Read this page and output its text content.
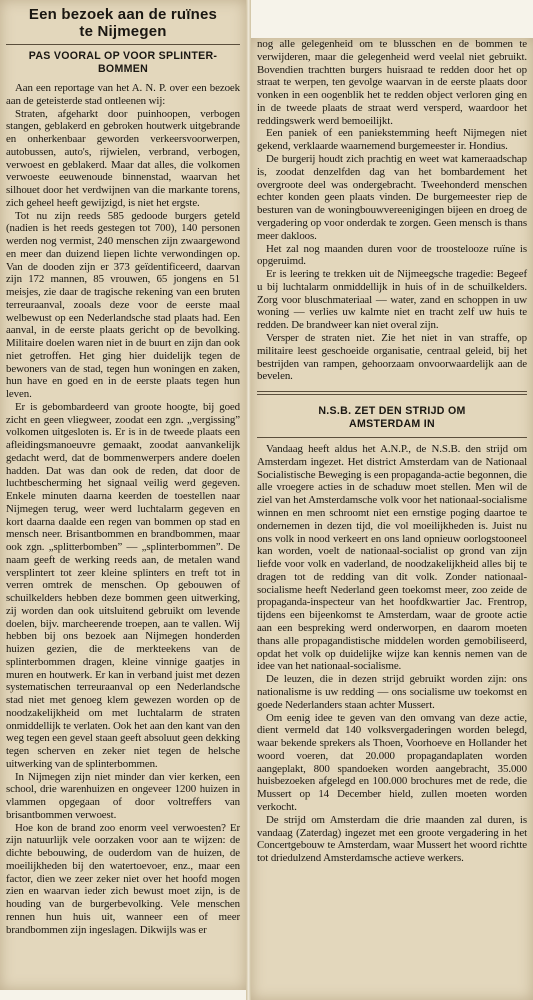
Een bezoek aan de ruïnes
te Nijmegen
PAS VOORAL OP VOOR SPLINTER-
BOMMEN

Aan een reportage van het A. N. P. over een bezoek aan de geteisterde stad ontleenen wij:

Straten, afgeharkt door puinhoopen, verbogen stangen, geblakerd en gebroken houtwerk uitgebrande en onherkenbaar geworden verkeersvoorwerpen, autobussen, auto's, rijwielen, verbrand, verbogen, verwoest en geblakerd. Maar dat alles, die volkomen verwoeste eeuwenoude binnenstad, waarvan het silhouet door het verdwijnen van die markante torens, zich geheel heeft gewijzigd, is niet het ergste.

Tot nu zijn reeds 585 gedoode burgers geteld (nadien is het reeds gestegen tot 700), 140 personen werden nog vermist, 240 menschen zijn zwaargewond en meer dan duizend liepen lichte verwondingen op. Van de dooden zijn er 373 geïdentificeerd, daarvan zijn 172 mannen, 85 vrouwen, 65 jongens en 51 meisjes, zie daar de tragische rekening van een bruten terreuraanval, zooals deze voor de eerste maal welbewust op een Nederlandsche stad plaats had. Een aanval, in de eerste plaats gericht op de bevolking. Militaire doelen waren niet in de buurt en zijn dan ook niet getroffen. Het ging hier duidelijk tegen de bewoners van de stad, tegen hun woningen en zaken, hun have en goed en in de eerste plaats tegen hun leven.

Er is gebombardeerd van groote hoogte, bij goed zicht en geen vliegweer, zoodat een zgn. „vergissing” volkomen uitgesloten is. Er is in de tweede plaats een afleidingsmanoeuvre gemaakt, zoodat aanvankelijk gedacht werd, dat de bommenwerpers andere doelen hadden. Dat was dan ook de reden, dat door de luchtbescherming het signaal veilig werd gegeven. Enkele minuten daarna keerden de toestellen naar Nijmegen terug, weer werd luchtalarm gegeven en kort daarna daalde een regen van bommen op stad en mensch neer. Brisantbommen en brandbommen, maar ook zgn. „splitterbomben” — „splinterbommen”. De naam geeft de werking reeds aan, de metalen wand versplintert tot zeer kleine splinters en treft tot in verren omtrek de menschen. Op gebouwen of schuilkelders hebben deze bommen geen uitwerking, zij worden dan ook uitsluitend gebruikt om levende doelen, bijv. marcheerende troepen, aan te vallen. Wij hebben bij ons bezoek aan Nijmegen honderden huizen gezien, die de merkteekens van de splinterbommen dragen, kleine vinnige gaatjes in muren en houtwerk. Er kan in verband juist met dezen systematischen terreuraanval op een Nederlandsche stad niet met genoeg klem gewezen worden op de noodzakelijkheid om met luchtalarm de straten onmiddellijk te verlaten. Ook het aan den kant van den weg tegen een gevel staan geeft absoluut geen dekking tegen scherven en zeker niet tegen de helsche uitwerking van de splinterbommen.

In Nijmegen zijn niet minder dan vier kerken, een school, drie warenhuizen en ongeveer 1200 huizen in vlammen opgegaan of door voltreffers van brisantbommen verwoest.

Hoe kon de brand zoo enorm veel verwoesten? Er zijn natuurlijk vele oorzaken voor aan te wijzen: de dichte bebouwing, de ouderdom van de huizen, de moeilijkheden bij den watertoevoer, enz., maar een factor, dien we zeer zeker niet over het hoofd mogen zien en waarvan ieder zich bewust moet zijn, is de houding van de burgerbevolking. Vele menschen rennen hun huis uit, wanneer een of meer brandbommen zijn ingeslagen. Dikwijls was er

nog alle gelegenheid om te blusschen en de bommen te verwijderen, maar die gelegenheid werd veelal niet gebruikt. Bovendien trachtten burgers huisraad te redden door het op straat te werpen, ten gevolge waarvan in de eerste plaats door vonken in een oogenblik het te redden object verloren ging en in de tweede plaats de straat werd versperd, waardoor het reddingswerk werd bemoeilijkt.

Een paniek of een paniekstemming heeft Nijmegen niet gekend, verklaarde waarnemend burgemeester ir. Hondius.

De burgerij houdt zich prachtig en weet wat kameraadschap is, zoodat denzelfden dag van het bombardement het overgroote deel was ondergebracht. Tweehonderd menschen echter konden geen plaats vinden. De burgemeester riep de besturen van de woningbouwvereenigingen bijeen en droeg de vergadering op voor onderdak te zorgen. Geen mensch is thans meer dakloos.

Het zal nog maanden duren voor de troostelooze ruïne is opgeruimd.

Er is leering te trekken uit de Nijmeegsche tragedie: Begeef u bij luchtalarm onmiddellijk in huis of in de schuilkelders. Zorg voor bluschmateriaal — water, zand en schoppen in uw woning — verlies uw kalmte niet en tracht zelf uw huis te redden. De brandweer kan niet overal zijn.

Versper de straten niet. Zie het niet in van straffe, op militaire leest geschoeide organisatie, centraal geleid, bij het bestrijden van rampen, gehoorzaam onvoorwaardelijk aan de bevelen.

N.S.B. ZET DEN STRIJD OM
AMSTERDAM IN

Vandaag heeft aldus het A.N.P., de N.S.B. den strijd om Amsterdam ingezet. Het district Amsterdam van de Nationaal Socialistische Beweging is een propaganda-actie begonnen, die alle vroegere acties in de schaduw moet stellen. Men wil de ziel van het Amsterdamsche volk voor het nationaal-socialisme winnen en men schroomt niet een ernstige poging daartoe te ondernemen in dezen tijd, die vol moeilijkheden is. Juist nu ons volk in nood verkeert en ons land opnieuw oorlogstooneel kan worden, voelt de nationaal-socialist op grond van zijn liefde voor volk en vaderland, de noodzakelijkheid alles bij te dragen tot de redding van dit volk. Zonder nationaal-socialisme heeft Nederland geen toekomst meer, zoo zeide de propaganda-inspecteur van het hoofdkwartier Jac. Frentrop, tijdens een bijeenkomst te Amsterdam, waar de groote actie aan een bespreking werd onderworpen, en daarom moeten thans alle propagandistische middelen worden gemobiliseerd, opdat het volk op duidelijke wijze kan kennis nemen van de idee van het nationaal-socialisme.

De leuzen, die in dezen strijd gebruikt worden zijn: ons nationalisme is uw redding — ons socialisme uw toekomst en goede Nederlanders staan achter Mussert.

Om eenig idee te geven van den omvang van deze actie, dient vermeld dat 140 volksvergaderingen worden belegd, waar bekende sprekers als Thoen, Voorhoeve en Hollander het woord voeren, dat 20.000 propagandaplaten worden aangeplakt, 800 spandoeken worden aangebracht, 35.000 huisbezoeken afgelegd en 100.000 brochures met de rede, die Mussert op 14 December hield, zullen moeten worden verkocht.

De strijd om Amsterdam die drie maanden zal duren, is vandaag (Zaterdag) ingezet met een groote vergadering in het Concertgebouw te Amsterdam, waar Mussert het woord richtte tot driedulzend Amsterdamsche actieve werkers.
